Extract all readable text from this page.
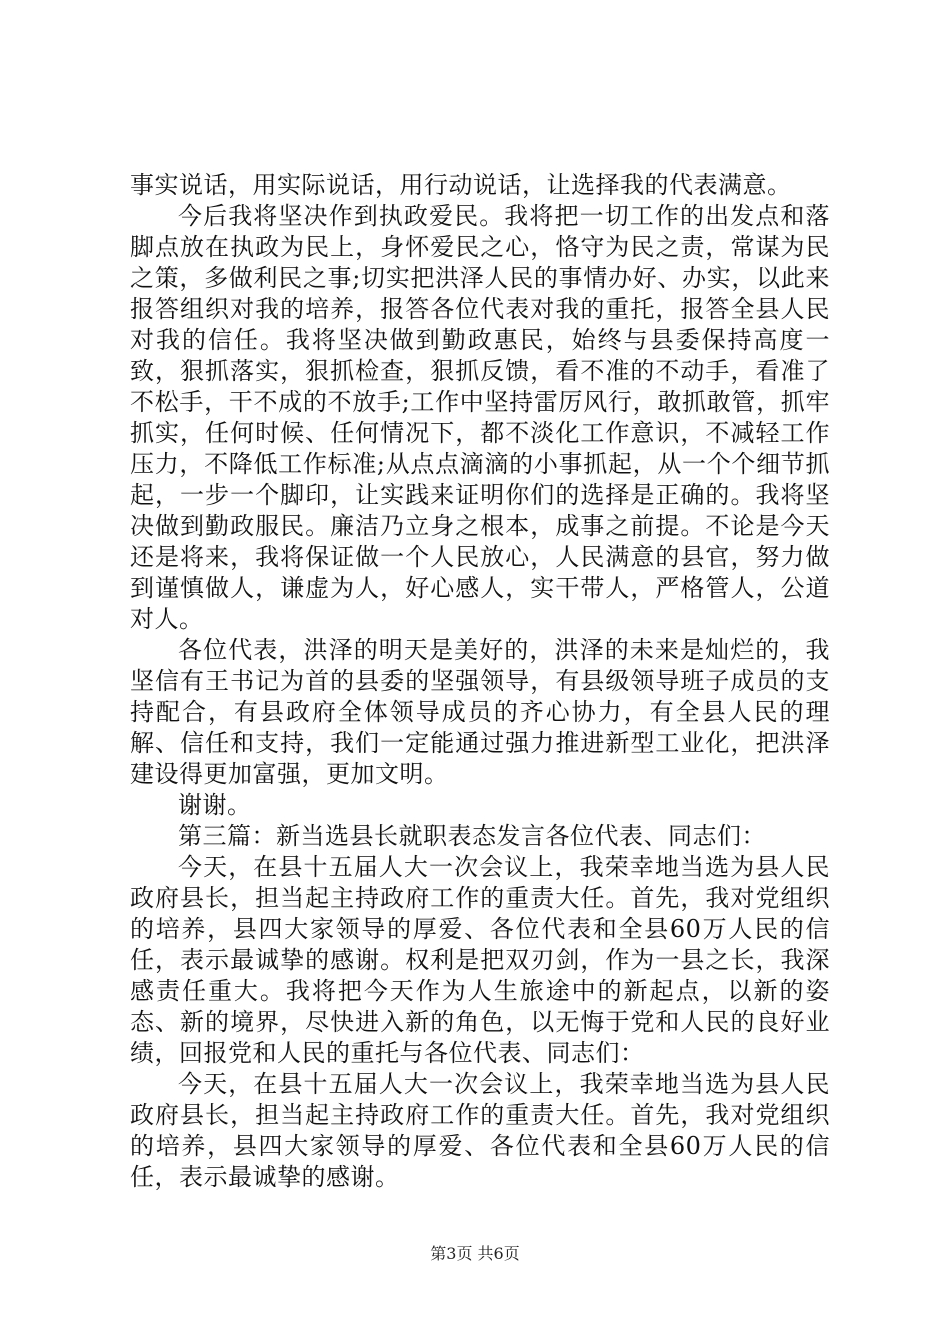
事实说话，用实际说话，用行动说话，让选择我的代表满意。

今后我将坚决作到执政爱民。我将把一切工作的出发点和落脚点放在执政为民上，身怀爱民之心，恪守为民之责，常谋为民之策，多做利民之事;切实把洪泽人民的事情办好、办实，以此来报答组织对我的培养，报答各位代表对我的重托，报答全县人民对我的信任。我将坚决做到勤政惠民，始终与县委保持高度一致，狠抓落实，狠抓检查，狠抓反馈，看不准的不动手，看准了不松手，干不成的不放手;工作中坚持雷厉风行，敢抓敢管，抓牢抓实，任何时候、任何情况下，都不淡化工作意识，不减轻工作压力，不降低工作标准;从点点滴滴的小事抓起，从一个个细节抓起，一步一个脚印，让实践来证明你们的选择是正确的。我将坚决做到勤政服民。廉洁乃立身之根本，成事之前提。不论是今天还是将来，我将保证做一个人民放心，人民满意的县官，努力做到谨慎做人，谦虚为人，好心感人，实干带人，严格管人，公道对人。

各位代表，洪泽的明天是美好的，洪泽的未来是灿烂的，我坚信有王书记为首的县委的坚强领导，有县级领导班子成员的支持配合，有县政府全体领导成员的齐心协力，有全县人民的理解、信任和支持，我们一定能通过强力推进新型工业化，把洪泽建设得更加富强，更加文明。

谢谢。

第三篇：新当选县长就职表态发言各位代表、同志们：

今天，在县十五届人大一次会议上，我荣幸地当选为县人民政府县长，担当起主持政府工作的重责大任。首先，我对党组织的培养，县四大家领导的厚爱、各位代表和全县60万人民的信任，表示最诚挚的感谢。权利是把双刃剑，作为一县之长，我深感责任重大。我将把今天作为人生旅途中的新起点，以新的姿态、新的境界，尽快进入新的角色，以无悔于党和人民的良好业绩，回报党和人民的重托与各位代表、同志们：

今天，在县十五届人大一次会议上，我荣幸地当选为县人民政府县长，担当起主持政府工作的重责大任。首先，我对党组织的培养，县四大家领导的厚爱、各位代表和全县60万人民的信任，表示最诚挚的感谢。

第3页 共6页
